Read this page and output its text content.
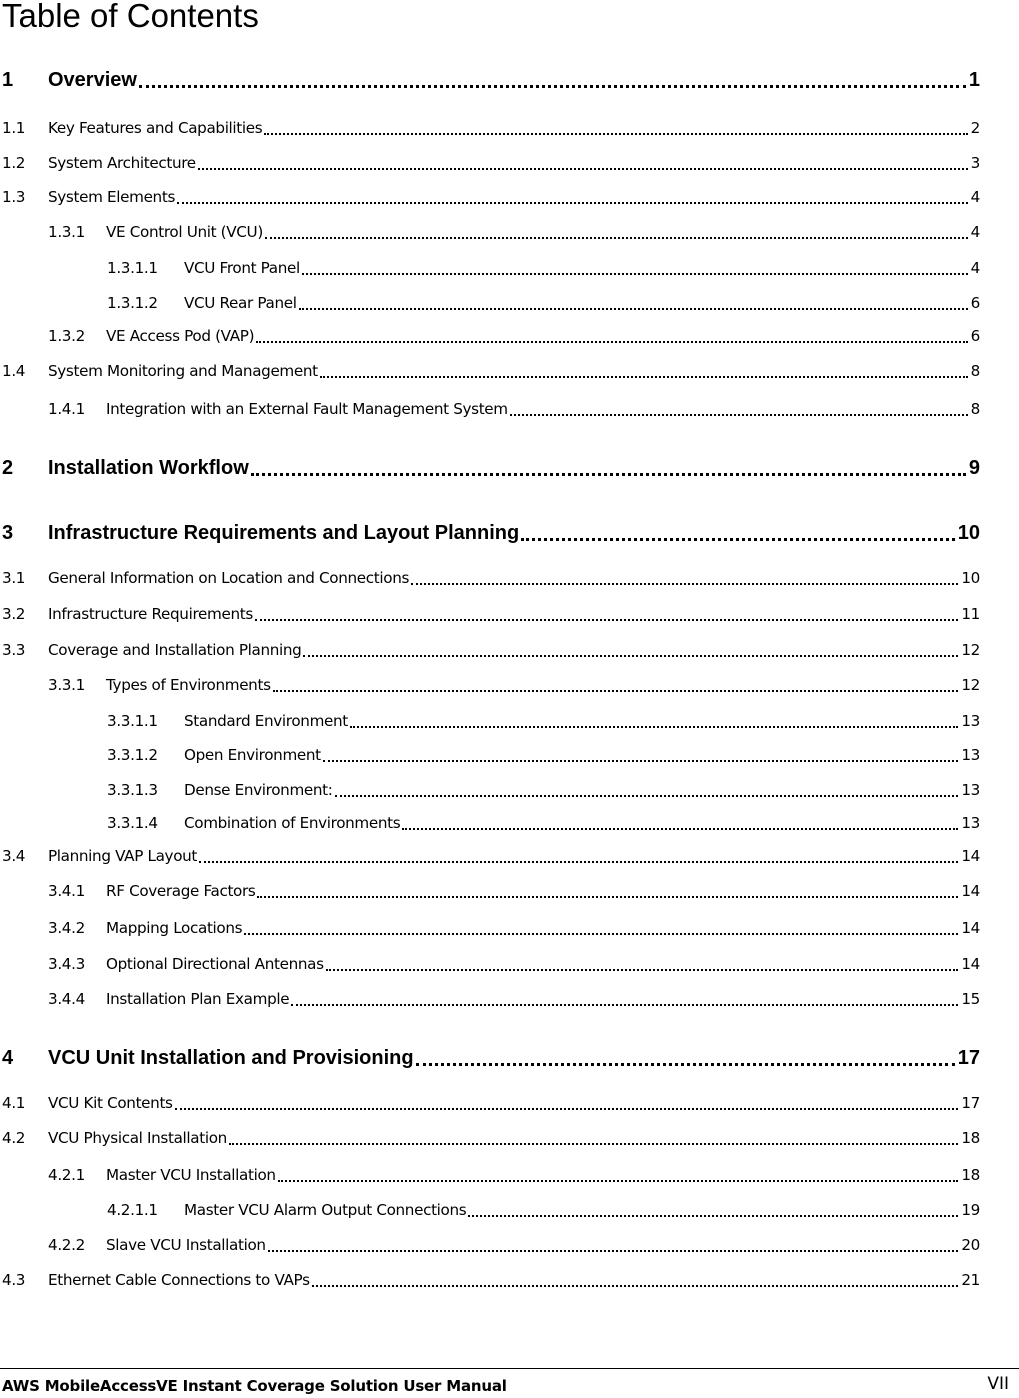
Table of Contents
1	Overview	1
1.1	Key Features and Capabilities	2
1.2	System Architecture	3
1.3	System Elements	4
1.3.1	VE Control Unit (VCU)	4
1.3.1.1	VCU Front Panel	4
1.3.1.2	VCU Rear Panel	6
1.3.2	VE Access Pod (VAP)	6
1.4	System Monitoring and Management	8
1.4.1	Integration with an External Fault Management System	8
2	Installation Workflow	9
3	Infrastructure Requirements and Layout Planning	10
3.1	General Information on Location and Connections	10
3.2	Infrastructure Requirements	11
3.3	Coverage and Installation Planning	12
3.3.1	Types of Environments	12
3.3.1.1	Standard Environment	13
3.3.1.2	Open Environment	13
3.3.1.3	Dense Environment:	13
3.3.1.4	Combination of Environments	13
3.4	Planning VAP Layout	14
3.4.1	RF Coverage Factors	14
3.4.2	Mapping Locations	14
3.4.3	Optional Directional Antennas	14
3.4.4	Installation Plan Example	15
4	VCU Unit Installation and Provisioning	17
4.1	VCU Kit Contents	17
4.2	VCU Physical Installation	18
4.2.1	Master VCU Installation	18
4.2.1.1	Master VCU Alarm Output Connections	19
4.2.2	Slave VCU Installation	20
4.3	Ethernet Cable Connections to VAPs	21
AWS MobileAccessVE Instant Coverage Solution User Manual	VII
